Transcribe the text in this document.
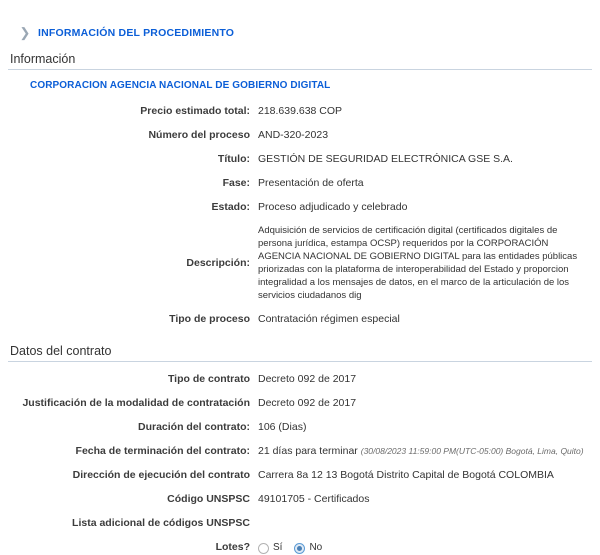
❯ INFORMACIÓN DEL PROCEDIMIENTO
Información
CORPORACION AGENCIA NACIONAL DE GOBIERNO DIGITAL
Precio estimado total: 218.639.638 COP
Número del proceso AND-320-2023
Título: GESTIÓN DE SEGURIDAD ELECTRÓNICA GSE S.A.
Fase: Presentación de oferta
Estado: Proceso adjudicado y celebrado
Descripción:
Adquisición de servicios de certificación digital (certificados digitales de persona jurídica, estampa OCSP) requeridos por la CORPORACIÓN AGENCIA NACIONAL DE GOBIERNO DIGITAL para las entidades públicas priorizadas con la plataforma de interoperabilidad del Estado y proporcion integralidad a los mensajes de datos, en el marco de la articulación de los servicios ciudadanos dig
Tipo de proceso Contratación régimen especial
Datos del contrato
Tipo de contrato Decreto 092 de 2017
Justificación de la modalidad de contratación Decreto 092 de 2017
Duración del contrato: 106 (Dias)
Fecha de terminación del contrato: 21 días para terminar (30/08/2023 11:59:00 PM(UTC-05:00) Bogotá, Lima, Quito)
Dirección de ejecución del contrato Carrera 8a 12 13 Bogotá Distrito Capital de Bogotá COLOMBIA
Código UNSPSC 49101705 - Certificados
Lista adicional de códigos UNSPSC
Lotes?	Sí	No
